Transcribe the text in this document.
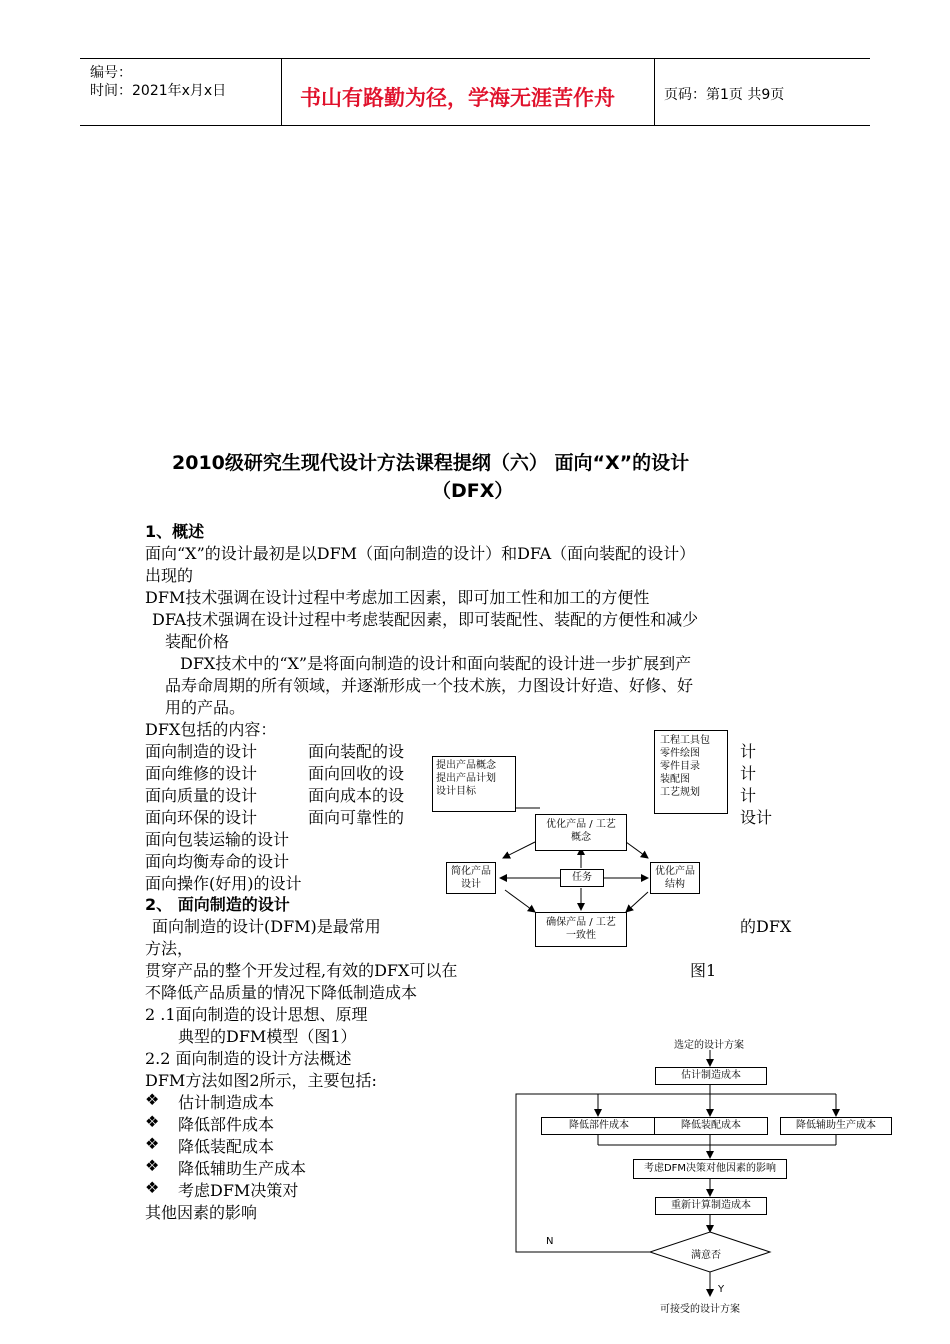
编号：
时间：2021年x月x日	书山有路勤为径，学海无涯苦作舟	页码：第1页 共9页
2010级研究生现代设计方法课程提纲（六） 面向“X”的设计
（DFX）
1、概述
面向“X”的设计最初是以DFM（面向制造的设计）和DFA（面向装配的设计）
出现的
DFM技术强调在设计过程中考虑加工因素，即可加工性和加工的方便性
DFA技术强调在设计过程中考虑装配因素，即可装配性、装配的方便性和减少
装配价格
DFX技术中的“X”是将面向制造的设计和面向装配的设计进一步扩展到产
品寿命周期的所有领域，并逐渐形成一个技术族，力图设计好造、好修、好
用的产品。
DFX包括的内容：
面向制造的设计	面向装配的设	计
面向维修的设计	面向回收的设	计
面向质量的设计	面向成本的设	计
面向环保的设计	面向可靠性的	设计
面向包装运输的设计
面向均衡寿命的设计
面向操作(好用)的设计
2、 面向制造的设计
面向制造的设计(DFM)是最常用	的DFX
方法，
贯穿产品的整个开发过程,有效的DFX可以在	图1
不降低产品质量的情况下降低制造成本
2 .1面向制造的设计思想、原理
典型的DFM模型（图1）
2.2 面向制造的设计方法概述
DFM方法如图2所示，主要包括:
❖ 估计制造成本
❖ 降低部件成本
❖ 降低装配成本
❖ 降低辅助生产成本
❖ 考虑DFM决策对
其他因素的影响
提出产品概念
提出产品计划
设计目标
工程工具包
零件绘图
零件目录
装配图
工艺规划
优化产品 / 工艺
概念
简化产品
设计
任务
优化产品
结构
确保产品 / 工艺
一致性
选定的设计方案
估计制造成本
降低部件成本	降低装配成本	降低辅助生产成本
考虑DFM决策对他因素的影响
重新计算制造成本
满意否
N
Y
可接受的设计方案
